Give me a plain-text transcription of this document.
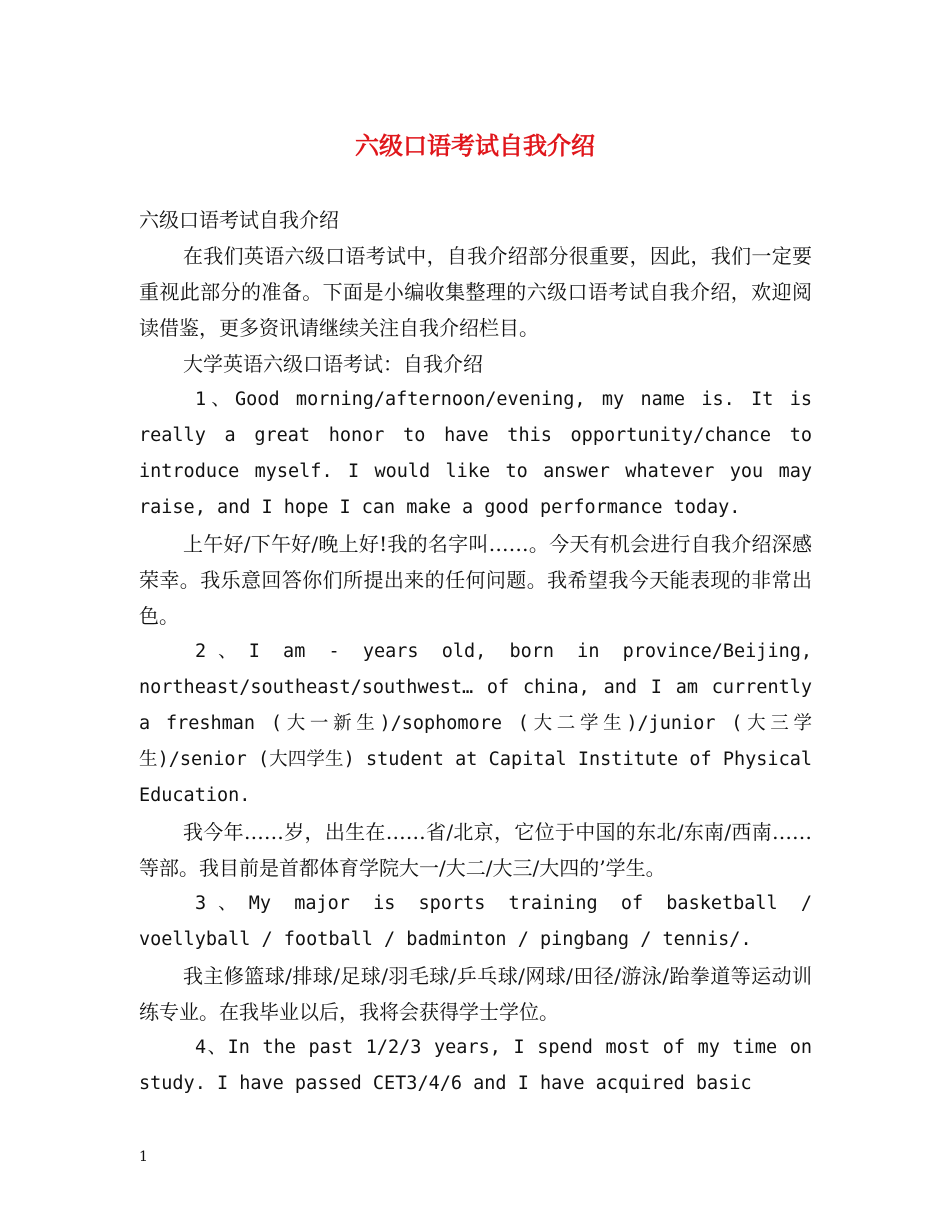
六级口语考试自我介绍

六级口语考试自我介绍

在我们英语六级口语考试中，自我介绍部分很重要，因此，我们一定要重视此部分的准备。下面是小编收集整理的六级口语考试自我介绍，欢迎阅读借鉴，更多资讯请继续关注自我介绍栏目。

大学英语六级口语考试：自我介绍

1、Good morning/afternoon/evening, my name is. It is really a great honor to have this opportunity/chance to introduce myself. I would like to answer whatever you may raise, and I hope I can make a good performance today.

上午好/下午好/晚上好!我的名字叫……。今天有机会进行自我介绍深感荣幸。我乐意回答你们所提出来的任何问题。我希望我今天能表现的非常出色。

2、I am - years old, born in province/Beijing, northeast/southeast/southwest… of china, and I am currently a freshman (大一新生)/sophomore (大二学生)/junior (大三学生)/senior (大四学生) student at Capital Institute of Physical Education.

我今年……岁，出生在……省/北京，它位于中国的东北/东南/西南……等部。我目前是首都体育学院大一/大二/大三/大四的’学生。

3、My major is sports training of basketball / voellyball / football / badminton / pingbang / tennis/.

我主修篮球/排球/足球/羽毛球/乒乓球/网球/田径/游泳/跆拳道等运动训练专业。在我毕业以后，我将会获得学士学位。

4、In the past 1/2/3 years, I spend most of my time on study. I have passed CET3/4/6 and I have acquired basic

1
